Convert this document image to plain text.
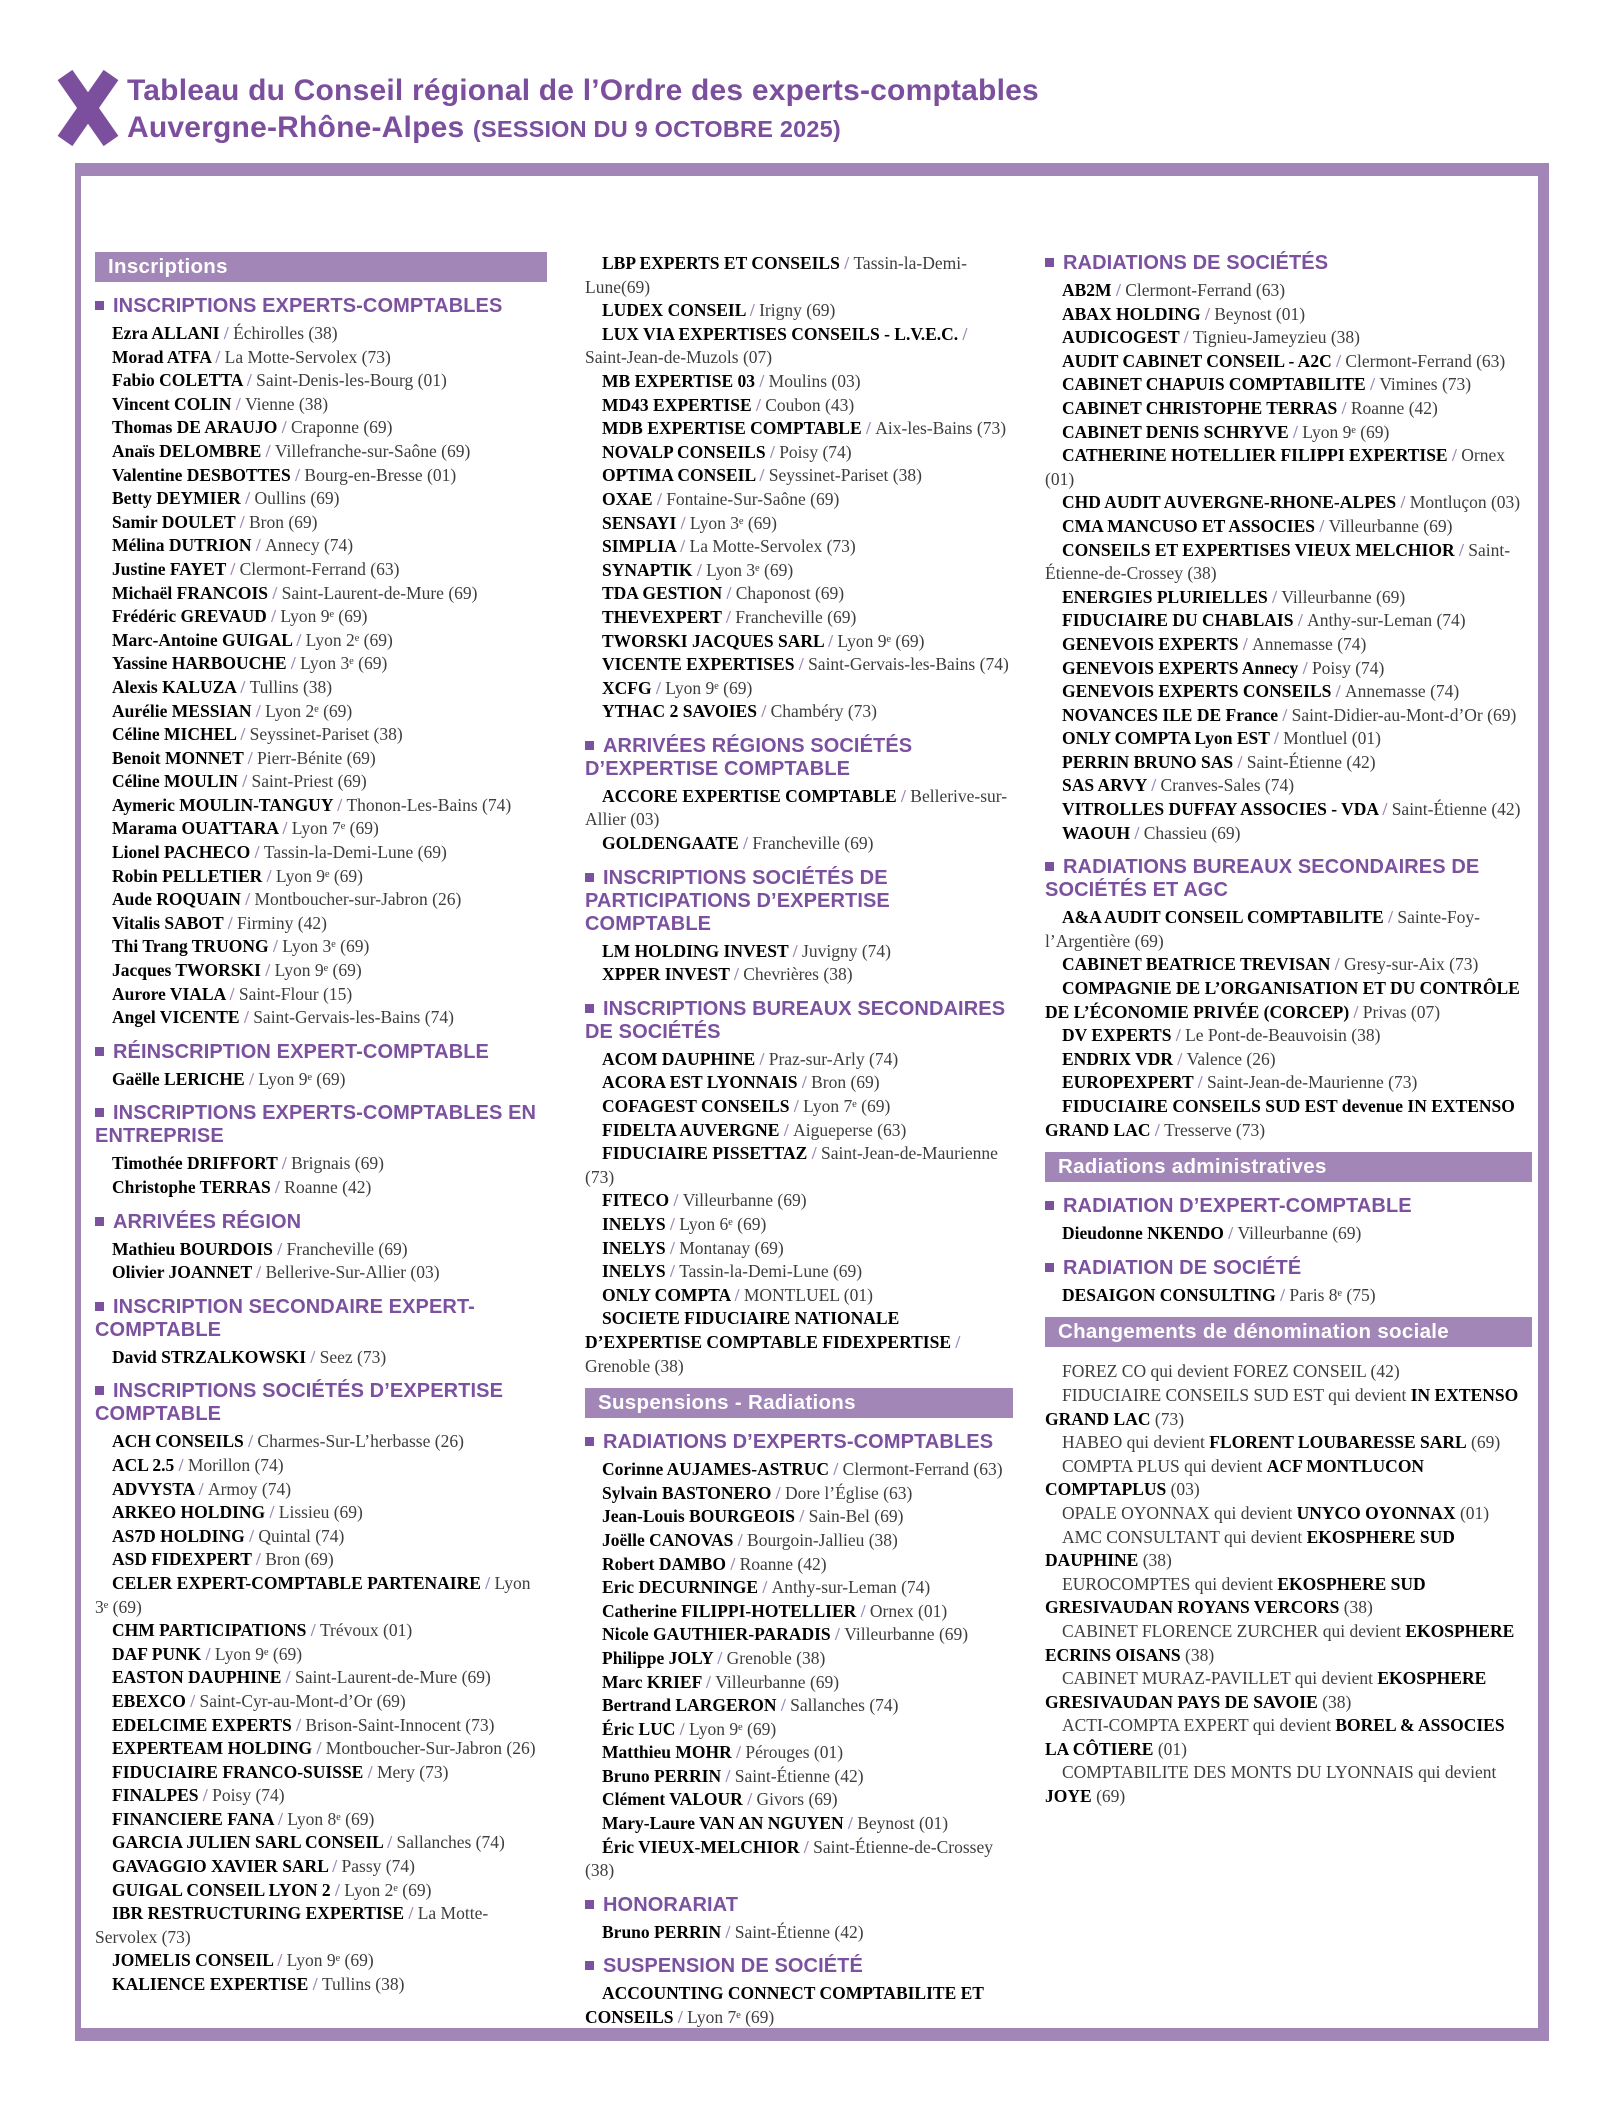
Tableau du Conseil régional de l’Ordre des experts-comptables
Auvergne-Rhône-Alpes (SESSION DU 9 OCTOBRE 2025)
Inscriptions
INSCRIPTIONS EXPERTS-COMPTABLES

Ezra ALLANI / Échirolles (38)

Morad ATFA / La Motte-Servolex (73)

Fabio COLETTA / Saint-Denis-les-Bourg (01)

Vincent COLIN / Vienne (38)

Thomas DE ARAUJO / Craponne (69)

Anaïs DELOMBRE / Villefranche-sur-Saône (69)

Valentine DESBOTTES / Bourg-en-Bresse (01)

Betty DEYMIER / Oullins (69)

Samir DOULET / Bron (69)

Mélina DUTRION / Annecy (74)

Justine FAYET / Clermont-Ferrand (63)

Michaël FRANCOIS / Saint-Laurent-de-Mure (69)

Frédéric GREVAUD / Lyon 9ᵉ (69)

Marc-Antoine GUIGAL / Lyon 2ᵉ (69)

Yassine HARBOUCHE / Lyon 3ᵉ (69)

Alexis KALUZA / Tullins (38)

Aurélie MESSIAN / Lyon 2ᵉ (69)

Céline MICHEL / Seyssinet-Pariset (38)

Benoit MONNET / Pierr-Bénite (69)

Céline MOULIN / Saint-Priest (69)

Aymeric MOULIN-TANGUY / Thonon-Les-Bains (74)

Marama OUATTARA / Lyon 7ᵉ (69)

Lionel PACHECO / Tassin-la-Demi-Lune (69)

Robin PELLETIER / Lyon 9ᵉ (69)

Aude ROQUAIN / Montboucher-sur-Jabron (26)

Vitalis SABOT / Firminy (42)

Thi Trang TRUONG / Lyon 3ᵉ (69)

Jacques TWORSKI / Lyon 9ᵉ (69)

Aurore VIALA / Saint-Flour (15)

Angel VICENTE / Saint-Gervais-les-Bains (74)

RÉINSCRIPTION EXPERT-COMPTABLE

Gaëlle LERICHE / Lyon 9ᵉ (69)

INSCRIPTIONS EXPERTS-COMPTABLES EN ENTREPRISE

Timothée DRIFFORT / Brignais (69)

Christophe TERRAS / Roanne (42)

ARRIVÉES RÉGION

Mathieu BOURDOIS / Francheville (69)

Olivier JOANNET / Bellerive-Sur-Allier (03)

INSCRIPTION SECONDAIRE EXPERT-COMPTABLE

David STRZALKOWSKI / Seez (73)

INSCRIPTIONS SOCIÉTÉS D’EXPERTISE COMPTABLE

ACH CONSEILS / Charmes-Sur-L’herbasse (26)

ACL 2.5 / Morillon (74)

ADVYSTA / Armoy (74)

ARKEO HOLDING / Lissieu (69)

AS7D HOLDING / Quintal (74)

ASD FIDEXPERT / Bron (69)

CELER EXPERT-COMPTABLE PARTENAIRE / Lyon 3ᵉ (69)

CHM PARTICIPATIONS / Trévoux (01)

DAF PUNK / Lyon 9ᵉ (69)

EASTON DAUPHINE / Saint-Laurent-de-Mure (69)

EBEXCO / Saint-Cyr-au-Mont-d’Or (69)

EDELCIME EXPERTS / Brison-Saint-Innocent (73)

EXPERTEAM HOLDING / Montboucher-Sur-Jabron (26)

FIDUCIAIRE FRANCO-SUISSE / Mery (73)

FINALPES / Poisy (74)

FINANCIERE FANA / Lyon 8ᵉ (69)

GARCIA JULIEN SARL CONSEIL / Sallanches (74)

GAVAGGIO XAVIER SARL / Passy (74)

GUIGAL CONSEIL LYON 2 / Lyon 2ᵉ (69)

IBR RESTRUCTURING EXPERTISE / La Motte-Servolex (73)

JOMELIS CONSEIL / Lyon 9ᵉ (69)

KALIENCE EXPERTISE / Tullins (38)

LBP EXPERTS ET CONSEILS / Tassin-la-Demi-Lune(69)

LUDEX CONSEIL / Irigny (69)

LUX VIA EXPERTISES CONSEILS - L.V.E.C. / Saint-Jean-de-Muzols (07)

MB EXPERTISE 03 / Moulins (03)

MD43 EXPERTISE / Coubon (43)

MDB EXPERTISE COMPTABLE / Aix-les-Bains (73)

NOVALP CONSEILS / Poisy (74)

OPTIMA CONSEIL / Seyssinet-Pariset (38)

OXAE / Fontaine-Sur-Saône (69)

SENSAYI / Lyon 3ᵉ (69)

SIMPLIA / La Motte-Servolex (73)

SYNAPTIK / Lyon 3ᵉ (69)

TDA GESTION / Chaponost (69)

THEVEXPERT / Francheville (69)

TWORSKI JACQUES SARL / Lyon 9ᵉ (69)

VICENTE EXPERTISES / Saint-Gervais-les-Bains (74)

XCFG / Lyon 9ᵉ (69)

YTHAC 2 SAVOIES / Chambéry (73)

ARRIVÉES RÉGIONS SOCIÉTÉS D’EXPERTISE COMPTABLE

ACCORE EXPERTISE COMPTABLE / Bellerive-sur-Allier (03)

GOLDENGAATE / Francheville (69)

INSCRIPTIONS SOCIÉTÉS DE PARTICIPATIONS D’EXPERTISE COMPTABLE

LM HOLDING INVEST / Juvigny (74)

XPPER INVEST / Chevrières (38)

INSCRIPTIONS BUREAUX SECONDAIRES DE SOCIÉTÉS

ACOM DAUPHINE / Praz-sur-Arly (74)

ACORA EST LYONNAIS / Bron (69)

COFAGEST CONSEILS / Lyon 7ᵉ (69)

FIDELTA AUVERGNE / Aigueperse (63)

FIDUCIAIRE PISSETTAZ / Saint-Jean-de-Maurienne (73)

FITECO / Villeurbanne (69)

INELYS / Lyon 6ᵉ (69)

INELYS / Montanay (69)

INELYS / Tassin-la-Demi-Lune (69)

ONLY COMPTA / MONTLUEL (01)

SOCIETE FIDUCIAIRE NATIONALE D’EXPERTISE COMPTABLE FIDEXPERTISE / Grenoble (38)

Suspensions - Radiations
RADIATIONS D’EXPERTS-COMPTABLES

Corinne AUJAMES-ASTRUC / Clermont-Ferrand (63)

Sylvain BASTONERO / Dore l’Église (63)

Jean-Louis BOURGEOIS / Sain-Bel (69)

Joëlle CANOVAS / Bourgoin-Jallieu (38)

Robert DAMBO / Roanne (42)

Eric DECURNINGE / Anthy-sur-Leman (74)

Catherine FILIPPI-HOTELLIER / Ornex (01)

Nicole GAUTHIER-PARADIS / Villeurbanne (69)

Philippe JOLY / Grenoble (38)

Marc KRIEF / Villeurbanne (69)

Bertrand LARGERON / Sallanches (74)

Éric LUC / Lyon 9ᵉ (69)

Matthieu MOHR / Pérouges (01)

Bruno PERRIN / Saint-Étienne (42)

Clément VALOUR / Givors (69)

Mary-Laure VAN AN NGUYEN / Beynost (01)

Éric VIEUX-MELCHIOR / Saint-Étienne-de-Crossey (38)

HONORARIAT

Bruno PERRIN / Saint-Étienne (42)

SUSPENSION DE SOCIÉTÉ

ACCOUNTING CONNECT COMPTABILITE ET CONSEILS / Lyon 7ᵉ (69)

RADIATIONS DE SOCIÉTÉS

AB2M / Clermont-Ferrand (63)

ABAX HOLDING / Beynost (01)

AUDICOGEST / Tignieu-Jameyzieu (38)

AUDIT CABINET CONSEIL - A2C / Clermont-Ferrand (63)

CABINET CHAPUIS COMPTABILITE / Vimines (73)

CABINET CHRISTOPHE TERRAS / Roanne (42)

CABINET DENIS SCHRYVE / Lyon 9ᵉ (69)

CATHERINE HOTELLIER FILIPPI EXPERTISE / Ornex (01)

CHD AUDIT AUVERGNE-RHONE-ALPES / Montluçon (03)

CMA MANCUSO ET ASSOCIES / Villeurbanne (69)

CONSEILS ET EXPERTISES VIEUX MELCHIOR / Saint-Étienne-de-Crossey (38)

ENERGIES PLURIELLES / Villeurbanne (69)

FIDUCIAIRE DU CHABLAIS / Anthy-sur-Leman (74)

GENEVOIS EXPERTS / Annemasse (74)

GENEVOIS EXPERTS Annecy / Poisy (74)

GENEVOIS EXPERTS CONSEILS / Annemasse (74)

NOVANCES ILE DE France / Saint-Didier-au-Mont-d’Or (69)

ONLY COMPTA Lyon EST / Montluel (01)

PERRIN BRUNO SAS / Saint-Étienne (42)

SAS ARVY / Cranves-Sales (74)

VITROLLES DUFFAY ASSOCIES - VDA / Saint-Étienne (42)

WAOUH / Chassieu (69)

RADIATIONS BUREAUX SECONDAIRES DE SOCIÉTÉS ET AGC

A&A AUDIT CONSEIL COMPTABILITE / Sainte-Foy-l’Argentière (69)

CABINET BEATRICE TREVISAN / Gresy-sur-Aix (73)

COMPAGNIE DE L’ORGANISATION ET DU CONTRÔLE DE L’ÉCONOMIE PRIVÉE (CORCEP) / Privas (07)

DV EXPERTS / Le Pont-de-Beauvoisin (38)

ENDRIX VDR / Valence (26)

EUROPEXPERT / Saint-Jean-de-Maurienne (73)

FIDUCIAIRE CONSEILS SUD EST devenue IN EXTENSO GRAND LAC / Tresserve (73)

Radiations administratives
RADIATION D’EXPERT-COMPTABLE

Dieudonne NKENDO / Villeurbanne (69)

RADIATION DE SOCIÉTÉ

DESAIGON CONSULTING / Paris 8ᵉ (75)

Changements de dénomination sociale

FOREZ CO qui devient FOREZ CONSEIL (42)

FIDUCIAIRE CONSEILS SUD EST qui devient IN EXTENSO GRAND LAC (73)

HABEO qui devient FLORENT LOUBARESSE SARL (69)

COMPTA PLUS qui devient ACF MONTLUCON COMPTAPLUS (03)

OPALE OYONNAX qui devient UNYCO OYONNAX (01)

AMC CONSULTANT qui devient EKOSPHERE SUD DAUPHINE (38)

EUROCOMPTES qui devient EKOSPHERE SUD GRESIVAUDAN ROYANS VERCORS (38)

CABINET FLORENCE ZURCHER qui devient EKOSPHERE ECRINS OISANS (38)

CABINET MURAZ-PAVILLET qui devient EKOSPHERE GRESIVAUDAN PAYS DE SAVOIE (38)

ACTI-COMPTA EXPERT qui devient BOREL & ASSOCIES LA CÔTIERE (01)

COMPTABILITE DES MONTS DU LYONNAIS qui devient JOYE (69)
